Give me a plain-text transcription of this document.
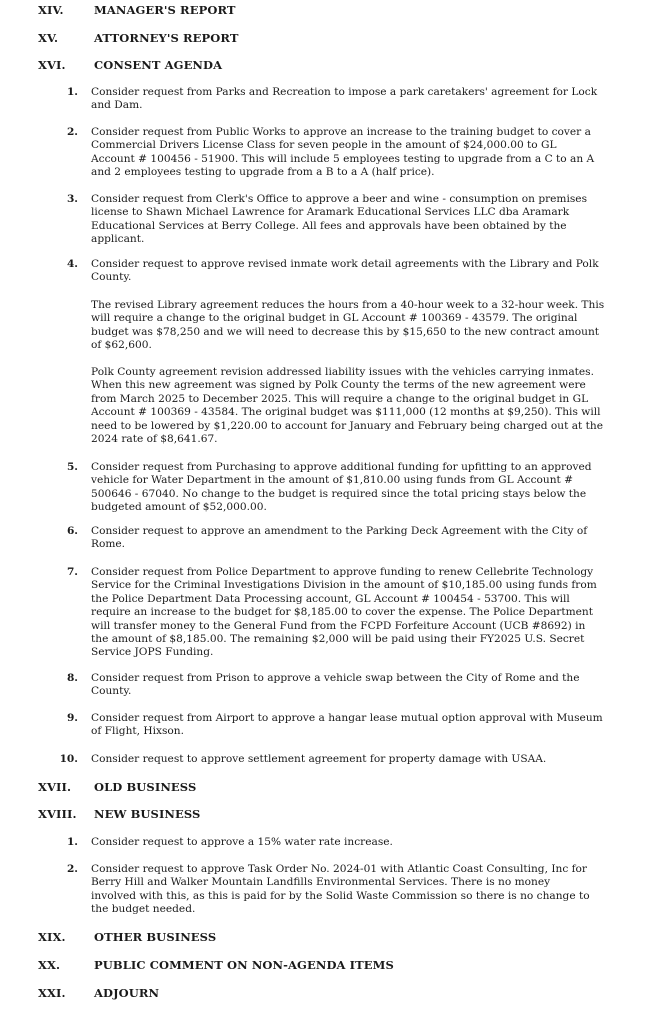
XIV.	MANAGER'S REPORT
XV.	ATTORNEY'S REPORT
XVI. CONSENT AGENDA
1. Consider request from Parks and Recreation to impose a park caretakers' agreement for Lock
and Dam.
2. Consider request from Public Works to approve an increase to the training budget to cover a
Commercial Drivers License Class for seven people in the amount of $24,000.00 to GL
Account # 100456 - 51900. This will include 5 employees testing to upgrade from a C to an A
and 2 employees testing to upgrade from a B to a A (half price).
3. Consider request from Clerk's Office to approve a beer and wine - consumption on premises
license to Shawn Michael Lawrence for Aramark Educational Services LLC dba Aramark
Educational Services at Berry College. All fees and approvals have been obtained by the
applicant.
4. Consider request to approve revised inmate work detail agreements with the Library and Polk
County.
The revised Library agreement reduces the hours from a 40-hour week to a 32-hour week. This
will require a change to the original budget in GL Account # 100369 - 43579. The original
budget was $78,250 and we will need to decrease this by $15,650 to the new contract amount
of $62,600.
Polk County agreement revision addressed liability issues with the vehicles carrying inmates.
When this new agreement was signed by Polk County the terms of the new agreement were
from March 2025 to December 2025. This will require a change to the original budget in GL
Account # 100369 - 43584. The original budget was $111,000 (12 months at $9,250). This will
need to be lowered by $1,220.00 to account for January and February being charged out at the
2024 rate of $8,641.67.
5. Consider request from Purchasing to approve additional funding for upfitting to an approved
vehicle for Water Department in the amount of $1,810.00 using funds from GL Account #
500646 - 67040. No change to the budget is required since the total pricing stays below the
budgeted amount of $52,000.00.
6. Consider request to approve an amendment to the Parking Deck Agreement with the City of
Rome.
7. Consider request from Police Department to approve funding to renew Cellebrite Technology
Service for the Criminal Investigations Division in the amount of $10,185.00 using funds from
the Police Department Data Processing account, GL Account # 100454 - 53700. This will
require an increase to the budget for $8,185.00 to cover the expense. The Police Department
will transfer money to the General Fund from the FCPD Forfeiture Account (UCB #8692) in
the amount of $8,185.00. The remaining $2,000 will be paid using their FY2025 U.S. Secret
Service JOPS Funding.
8. Consider request from Prison to approve a vehicle swap between the City of Rome and the
County.
9. Consider request from Airport to approve a hangar lease mutual option approval with Museum
of Flight, Hixson.
10. Consider request to approve settlement agreement for property damage with USAA.
XVII. OLD BUSINESS
XVIII. NEW BUSINESS
1. Consider request to approve a 15% water rate increase.
2. Consider request to approve Task Order No. 2024-01 with Atlantic Coast Consulting, Inc for
Berry Hill and Walker Mountain Landfills Environmental Services. There is no money
involved with this, as this is paid for by the Solid Waste Commission so there is no change to
the budget needed.
XIX. OTHER BUSINESS
XX.	PUBLIC COMMENT ON NON-AGENDA ITEMS
XXI. ADJOURN
